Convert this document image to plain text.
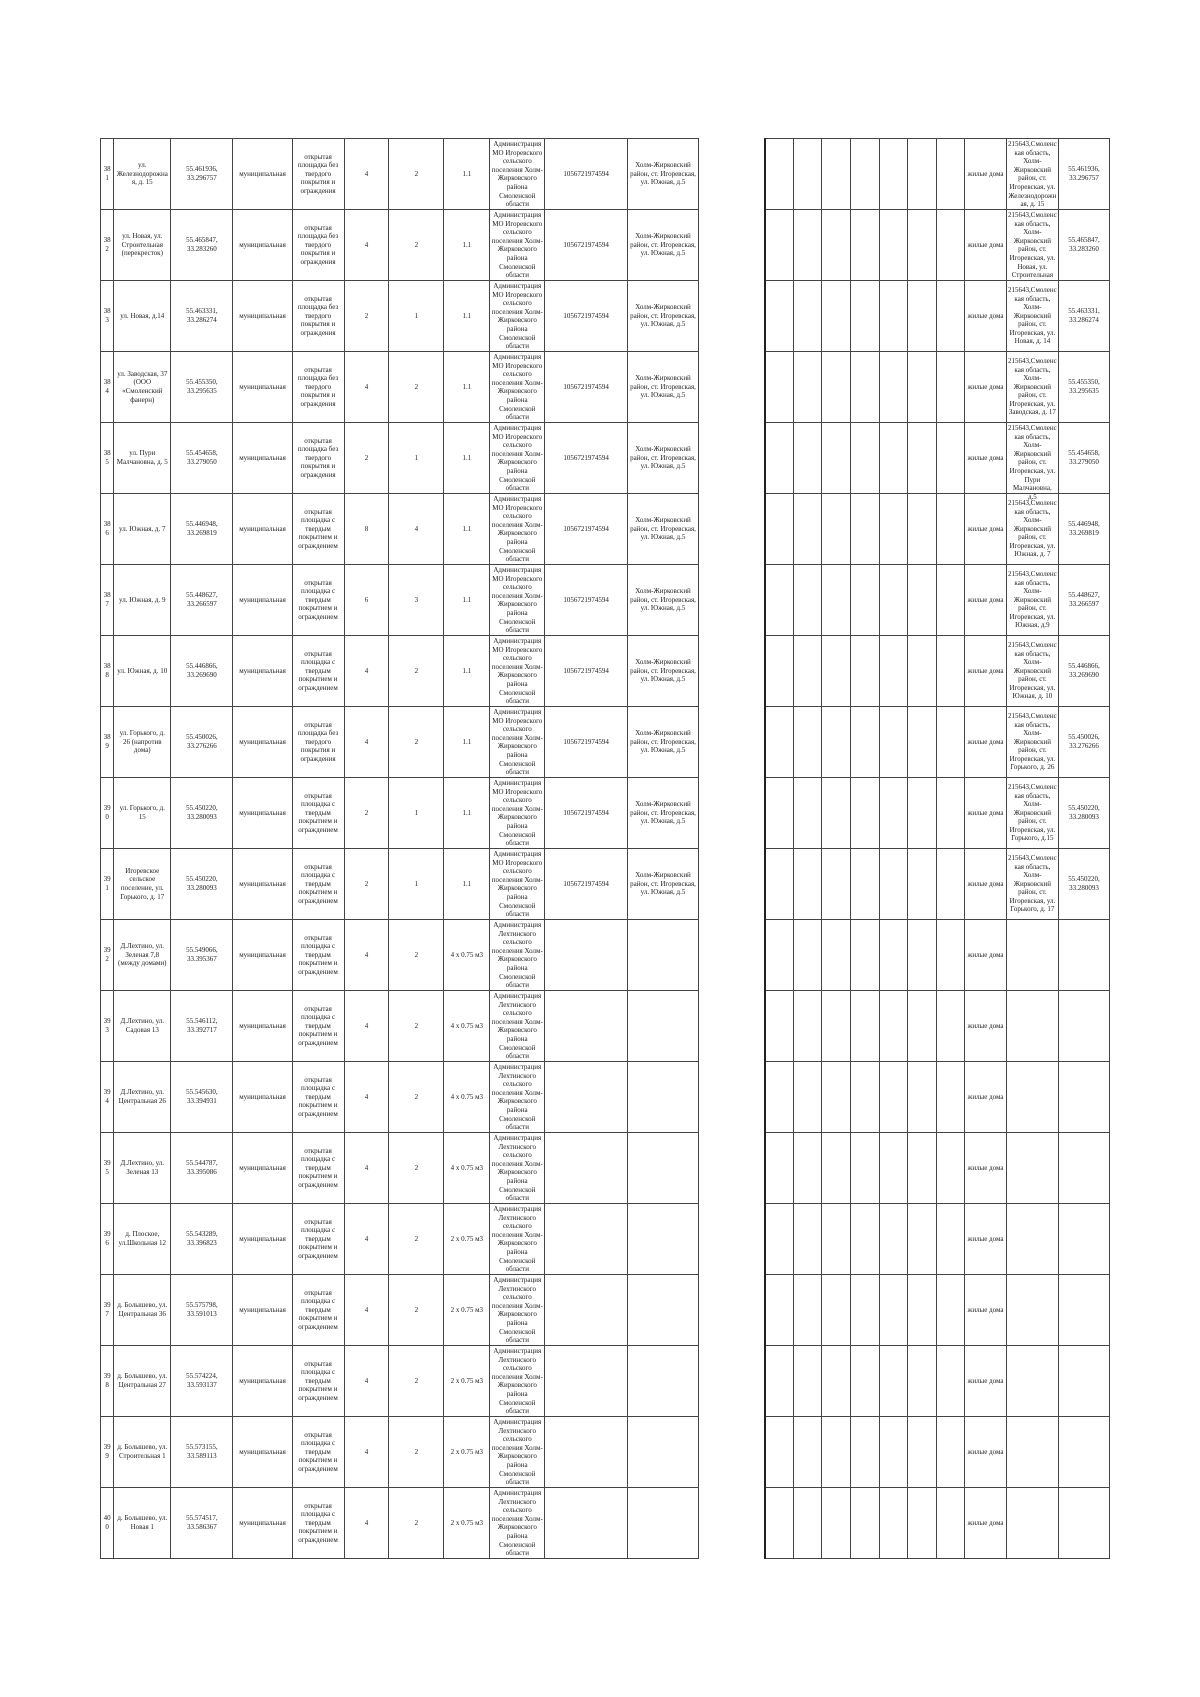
381	ул. Железнодорожная, д. 15	55.461936, 33.296757	муниципальная	открытая площадка без твердого покрытия и ограждения	4	2	1.1	Администрация МО Игоревского сельского поселения Холм-Жирковского района Смоленской области	1056721974594	Холм-Жирковский район, ст. Игоревская, ул. Южная, д.5									жилые дома	215643,Смоленская область, Холм-Жирковский район, ст. Игоревская, ул. Железнодорожная, д. 15	55.461936, 33.296757

382	ул. Новая, ул. Строительная (перекресток)	55.465847, 33.283260	муниципальная	открытая площадка без твердого покрытия и ограждения	4	2	1.1	Администрация МО Игоревского сельского поселения Холм-Жирковского района Смоленской области	1056721974594	Холм-Жирковский район, ст. Игоревская, ул. Южная, д.5									жилые дома	215643,Смоленская область, Холм-Жирковский район, ст. Игоревская, ул. Новая, ул. Строительная	55.465847, 33.283260

383	ул. Новая, д.14	55.463331, 33.286274	муниципальная	открытая площадка без твердого покрытия и ограждения	2	1	1.1	Администрация МО Игоревского сельского поселения Холм-Жирковского района Смоленской области	1056721974594	Холм-Жирковский район, ст. Игоревская, ул. Южная, д.5									жилые дома	215643,Смоленская область, Холм-Жирковский район, ст. Игоревская, ул. Новая, д. 14	55.463331, 33.286274

384	ул. Заводская, 37 (ООО «Смоленский фанерн)	55.455350, 33.295635	муниципальная	открытая площадка без твердого покрытия и ограждения	4	2	1.1	Администрация МО Игоревского сельского поселения Холм-Жирковского района Смоленской области	1056721974594	Холм-Жирковский район, ст. Игоревская, ул. Южная, д.5									жилые дома	215643,Смоленская область, Холм-Жирковский район, ст. Игоревская, ул. Заводская, д. 17	55.455350, 33.295635

385	ул. Пури Малчановна, д. 5	55.454658, 33.279050	муниципальная	открытая площадка без твердого покрытия и ограждения	2	1	1.1	Администрация МО Игоревского сельского поселения Холм-Жирковского района Смоленской области	1056721974594	Холм-Жирковский район, ст. Игоревская, ул. Южная, д.5									жилые дома	215643,Смоленская область, Холм-Жирковский район, ст. Игоревская, ул. Пури Малчановна, д.5	55.454658, 33.279050

386	ул. Южная, д. 7	55.446948, 33.269819	муниципальная	открытая площадка с твердым покрытием и ограждением	8	4	1.1	Администрация МО Игоревского сельского поселения Холм-Жирковского района Смоленской области	1056721974594	Холм-Жирковский район, ст. Игоревская, ул. Южная, д.5									жилые дома	215643,Смоленская область, Холм-Жирковский район, ст. Игоревская, ул. Южная, д. 7	55.446948, 33.269819

387	ул. Южная, д. 9	55.448627, 33.266597	муниципальная	открытая площадка с твердым покрытием и ограждением	6	3	1.1	Администрация МО Игоревского сельского поселения Холм-Жирковского района Смоленской области	1056721974594	Холм-Жирковский район, ст. Игоревская, ул. Южная, д.5									жилые дома	215643,Смоленская область, Холм-Жирковский район, ст. Игоревская, ул. Южная, д.9	55.448627, 33.266597

388	ул. Южная, д. 10	55.446866, 33.269690	муниципальная	открытая площадка с твердым покрытием и ограждением	4	2	1.1	Администрация МО Игоревского сельского поселения Холм-Жирковского района Смоленской области	1056721974594	Холм-Жирковский район, ст. Игоревская, ул. Южная, д.5									жилые дома	215643,Смоленская область, Холм-Жирковский район, ст. Игоревская, ул. Южная, д. 10	55.446866, 33.269690

389	ул. Горького, д. 26 (напротив дома)	55.450026, 33.276266	муниципальная	открытая площадка без твердого покрытия и ограждения	4	2	1.1	Администрация МО Игоревского сельского поселения Холм-Жирковского района Смоленской области	1056721974594	Холм-Жирковский район, ст. Игоревская, ул. Южная, д.5									жилые дома	215643,Смоленская область, Холм-Жирковский район, ст. Игоревская, ул. Горького, д. 26	55.450026, 33.276266

390	ул. Горького, д. 15	55.450220, 33.280093	муниципальная	открытая площадка с твердым покрытием и ограждением	2	1	1.1	Администрация МО Игоревского сельского поселения Холм-Жирковского района Смоленской области	1056721974594	Холм-Жирковский район, ст. Игоревская, ул. Южная, д.5									жилые дома	215643,Смоленская область, Холм-Жирковский район, ст. Игоревская, ул. Горького, д.15	55.450220, 33.280093

391	Игоревское сельское поселение, ул. Горького, д. 17	55.450220, 33.280093	муниципальная	открытая площадка с твердым покрытием и ограждением	2	1	1.1	Администрация МО Игоревского сельского поселения Холм-Жирковского района Смоленской области	1056721974594	Холм-Жирковский район, ст. Игоревская, ул. Южная, д.5									жилые дома	215643,Смоленская область, Холм-Жирковский район, ст. Игоревская, ул. Горького, д. 17	55.450220, 33.280093

392	Д.Лехтино, ул. Зеленая 7,8 (между домами)	55.549066, 33.395367	муниципальная	открытая площадка с твердым покрытием и ограждением	4	2	4 х 0.75 м3	Администрация Лехтинского сельского поселения Холм-Жирковского района Смоленской области											жилые дома		

393	Д.Лехтино, ул. Садовая 13	55.546112, 33.392717	муниципальная	открытая площадка с твердым покрытием и ограждением	4	2	4 х 0.75 м3	Администрация Лехтинского сельского поселения Холм-Жирковского района Смоленской области											жилые дома		

394	Д.Лехтино, ул. Центральная 26	55.545630, 33.394931	муниципальная	открытая площадка с твердым покрытием и ограждением	4	2	4 х 0.75 м3	Администрация Лехтинского сельского поселения Холм-Жирковского района Смоленской области											жилые дома		

395	Д.Лехтино, ул. Зеленая 13	55.544787, 33.395086	муниципальная	открытая площадка с твердым покрытием и ограждением	4	2	4 х 0.75 м3	Администрация Лехтинского сельского поселения Холм-Жирковского района Смоленской области											жилые дома		

396	д. Плоское, ул.Школьная 12	55.543289, 33.396823	муниципальная	открытая площадка с твердым покрытием и ограждением	4	2	2 х 0.75 м3	Администрация Лехтинского сельского поселения Холм-Жирковского района Смоленской области											жилые дома		

397	д. Болышево, ул. Центральная 36	55.575798, 33.591013	муниципальная	открытая площадка с твердым покрытием и ограждением	4	2	2 х 0.75 м3	Администрация Лехтинского сельского поселения Холм-Жирковского района Смоленской области											жилые дома		

398	д. Болышево, ул. Центральная 27	55.574224, 33.593137	муниципальная	открытая площадка с твердым покрытием и ограждением	4	2	2 х 0.75 м3	Администрация Лехтинского сельского поселения Холм-Жирковского района Смоленской области											жилые дома		

399	д. Болышево, ул. Строительная 1	55.573155, 33.589113	муниципальная	открытая площадка с твердым покрытием и ограждением	4	2	2 х 0.75 м3	Администрация Лехтинского сельского поселения Холм-Жирковского района Смоленской области											жилые дома		

400	д. Болышево, ул. Новая 1	55.574517, 33.586367	муниципальная	открытая площадка с твердым покрытием и ограждением	4	2	2 х 0.75 м3	Администрация Лехтинского сельского поселения Холм-Жирковского района Смоленской области											жилые дома		
